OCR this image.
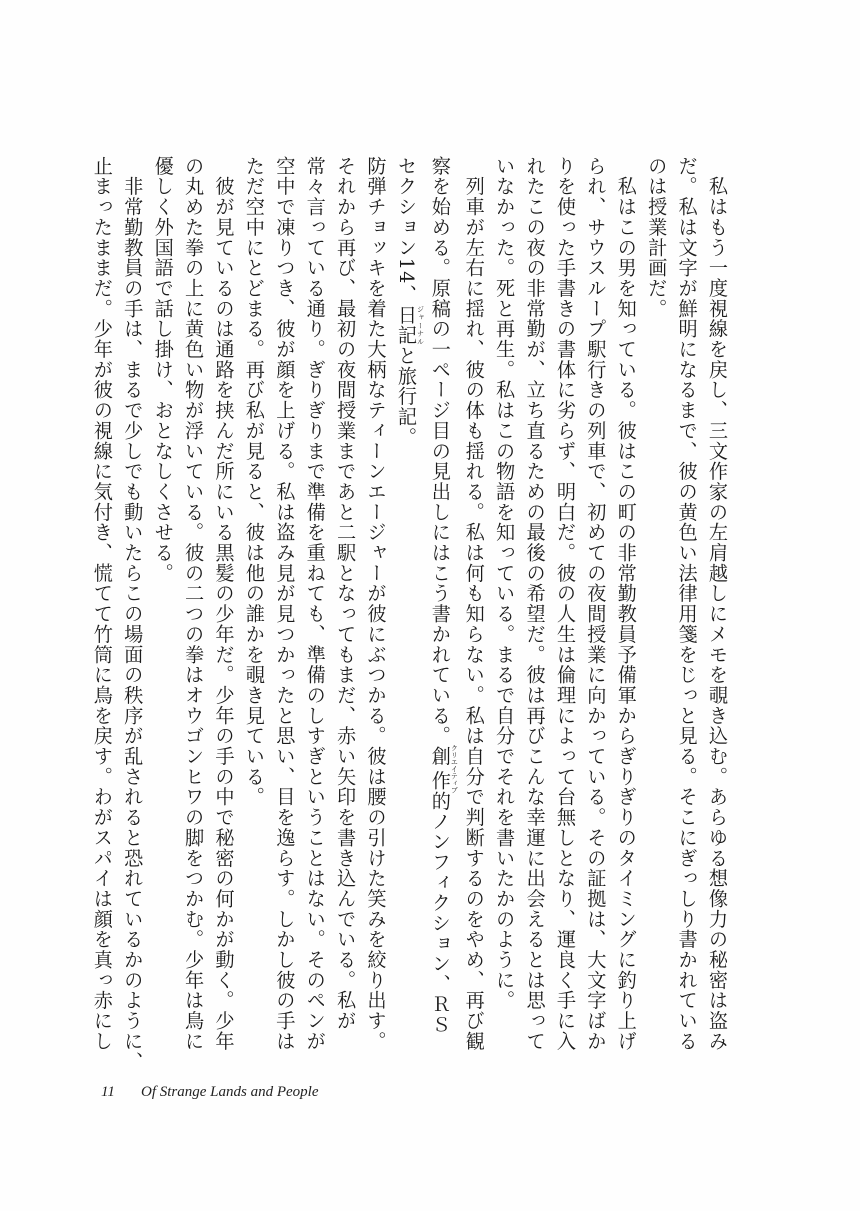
　私はもう一度視線を戻し、三文作家の左肩越しにメモを覗き込む。あらゆる想像力の秘密は盗み
だ。私は文字が鮮明になるまで、彼の黄色い法律用箋をじっと見る。そこにぎっしり書かれている
のは授業計画だ。
　私はこの男を知っている。彼はこの町の非常勤教員予備軍からぎりぎりのタイミングに釣り上げ
られ、サウスループ駅行きの列車で、初めての夜間授業に向かっている。その証拠は、大文字ばか
りを使った手書きの書体に劣らず、明白だ。彼の人生は倫理によって台無しとなり、運良く手に入
れたこの夜の非常勤が、立ち直るための最後の希望だ。彼は再びこんな幸運に出会えるとは思って
いなかった。死と再生。私はこの物語を知っている。まるで自分でそれを書いたかのように。
　列車が左右に揺れ、彼の体も揺れる。私は何も知らない。私は自分で判断するのをやめ、再び観
察を始める。原稿の一ページ目の見出しにはこう書かれている。創作クリエイティブ的ノンフィクション、ＲＳ
セクション14、日記ジャーナルと旅行記。
防弾チョッキを着た大柄なティーンエージャーが彼にぶつかる。彼は腰の引けた笑みを絞り出す。
それから再び、最初の夜間授業まであと二駅となってもまだ、赤い矢印を書き込んでいる。私が
常々言っている通り。ぎりぎりまで準備を重ねても、準備のしすぎということはない。そのペンが
空中で凍りつき、彼が顔を上げる。私は盗み見が見つかったと思い、目を逸らす。しかし彼の手は
ただ空中にとどまる。再び私が見ると、彼は他の誰かを覗き見ている。
　彼が見ているのは通路を挟んだ所にいる黒髪の少年だ。少年の手の中で秘密の何かが動く。少年
の丸めた拳の上に黄色い物が浮いている。彼の二つの拳はオウゴンヒワの脚をつかむ。少年は鳥に
優しく外国語で話し掛け、おとなしくさせる。
　非常勤教員の手は、まるで少しでも動いたらこの場面の秩序が乱されると恐れているかのように、
止まったままだ。少年が彼の視線に気付き、慌てて竹筒に鳥を戻す。わがスパイは顔を真っ赤にし
11 Of Strange Lands and People
